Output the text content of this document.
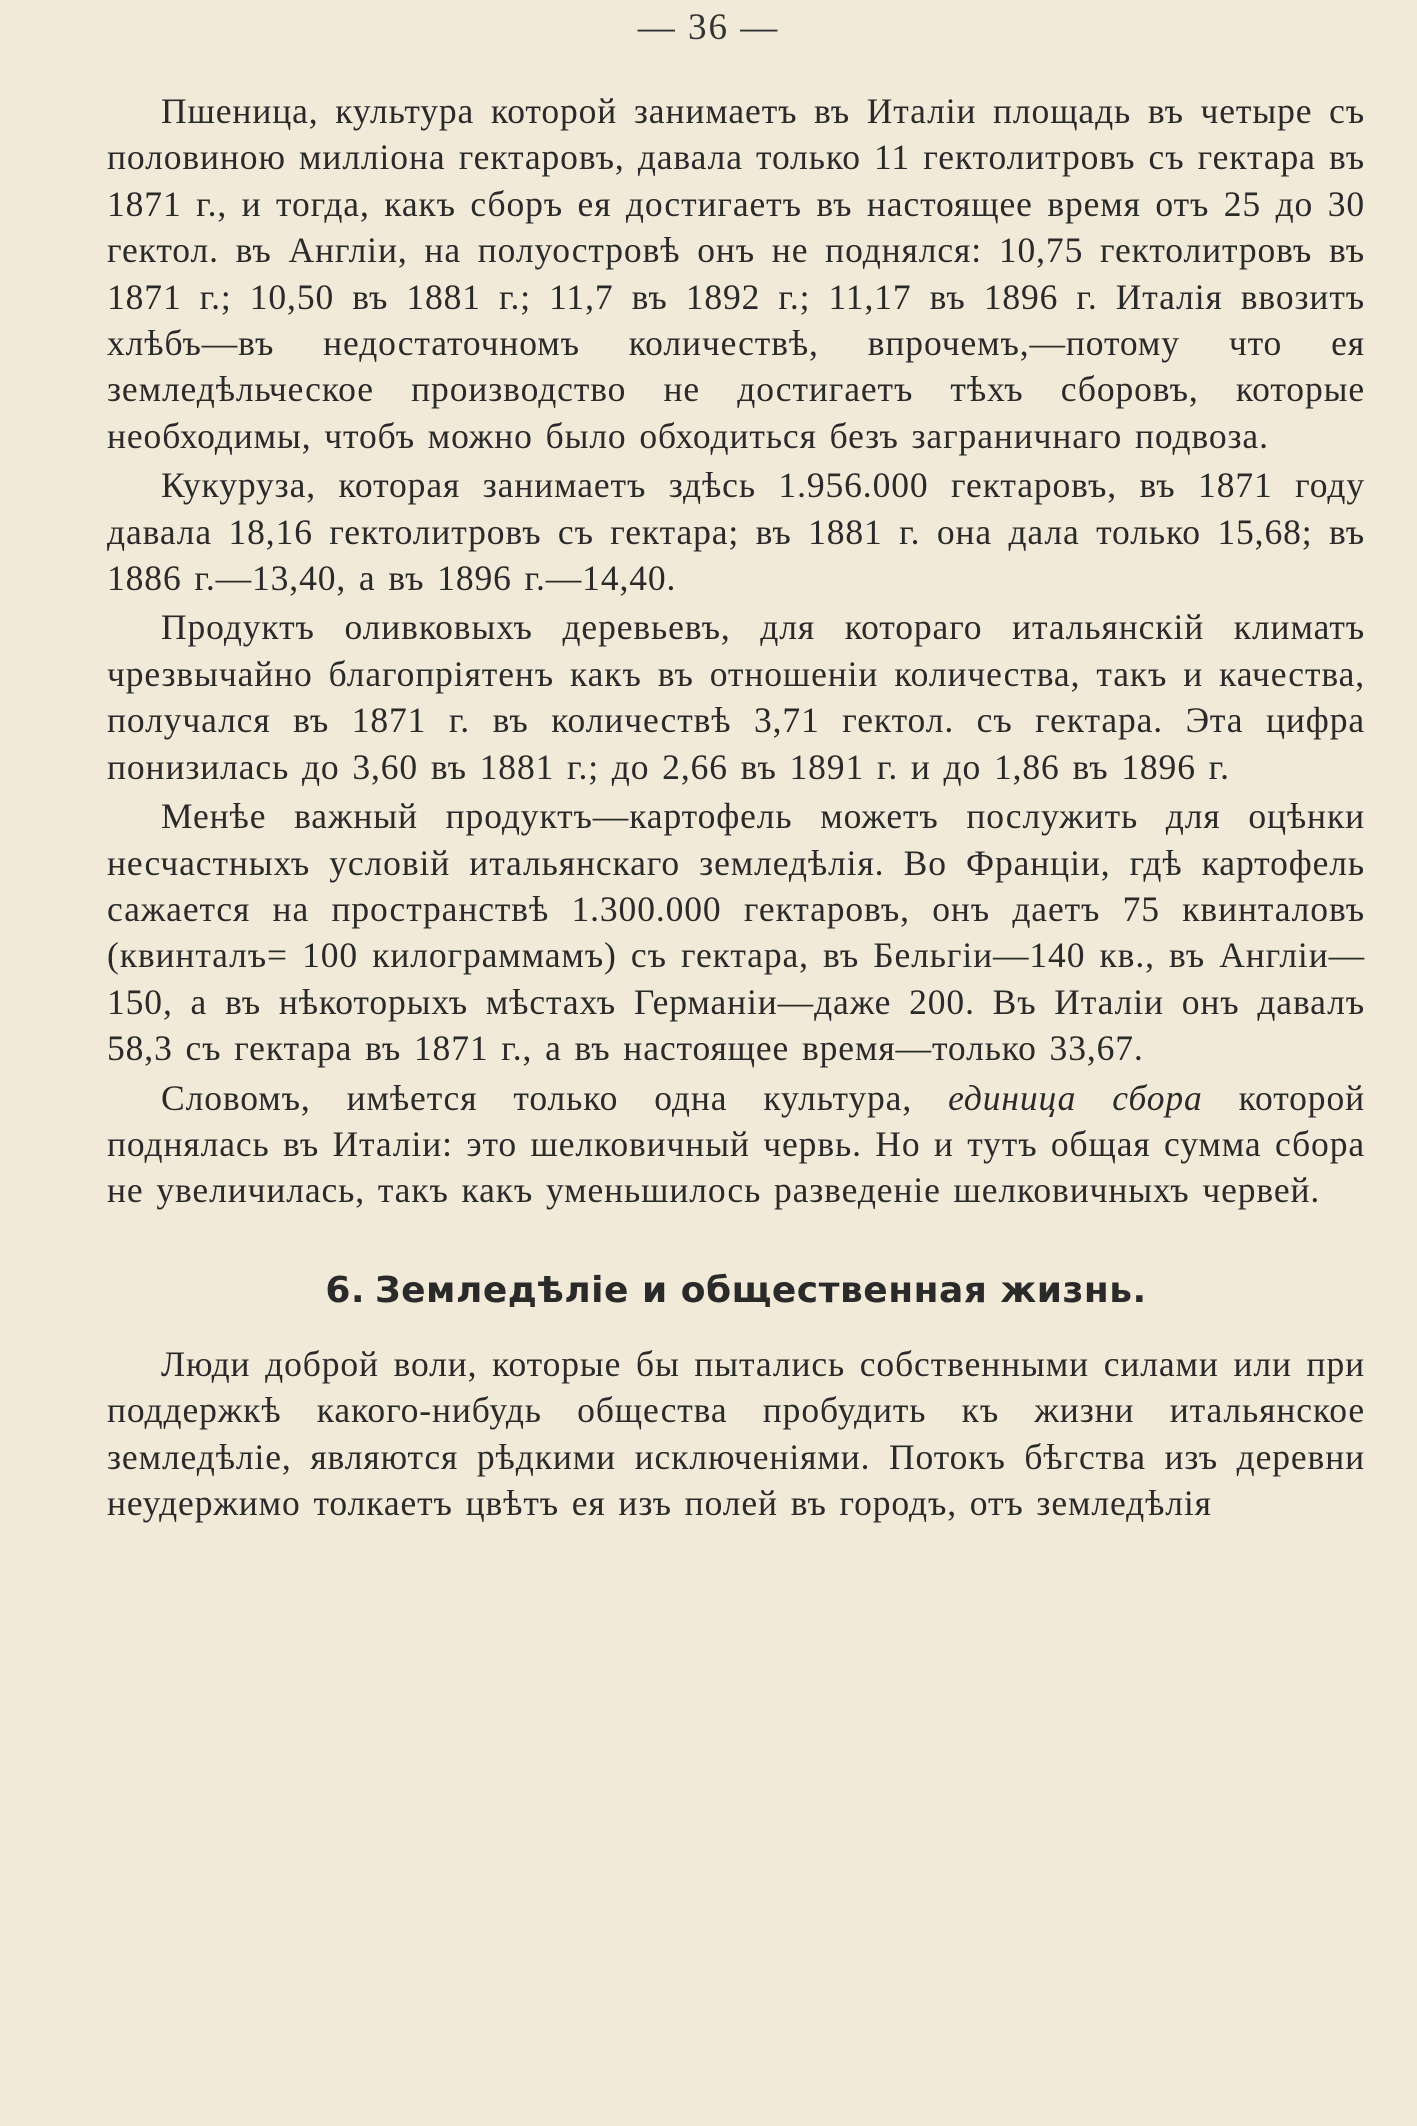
— 36 —

Пшеница, культура которой занимаетъ въ Италіи площадь въ четыре съ половиною милліона гектаровъ, давала только 11 гектолитровъ съ гектара въ 1871 г., и тогда, какъ сборъ ея достигаетъ въ настоящее время отъ 25 до 30 гектол. въ Англіи, на полуостровѣ онъ не поднялся: 10,75 гектолитровъ въ 1871 г.; 10,50 въ 1881 г.; 11,7 въ 1892 г.; 11,17 въ 1896 г. Италія ввозитъ хлѣбъ—въ недостаточномъ количествѣ, впрочемъ,—потому что ея земледѣльческое производство не достигаетъ тѣхъ сборовъ, которые необходимы, чтобъ можно было обходиться безъ заграничнаго подвоза.

Кукуруза, которая занимаетъ здѣсь 1.956.000 гектаровъ, въ 1871 году давала 18,16 гектолитровъ съ гектара; въ 1881 г. она дала только 15,68; въ 1886 г.—13,40, а въ 1896 г.—14,40.

Продуктъ оливковыхъ деревьевъ, для котораго итальянскій климатъ чрезвычайно благопріятенъ какъ въ отношеніи количества, такъ и качества, получался въ 1871 г. въ количествѣ 3,71 гектол. съ гектара. Эта цифра понизилась до 3,60 въ 1881 г.; до 2,66 въ 1891 г. и до 1,86 въ 1896 г.

Менѣе важный продуктъ—картофель можетъ послужить для оцѣнки несчастныхъ условій итальянскаго земледѣлія. Во Франціи, гдѣ картофель сажается на пространствѣ 1.300.000 гектаровъ, онъ даетъ 75 квинталовъ (квинталъ= 100 килограммамъ) съ гектара, въ Бельгіи—140 кв., въ Англіи—150, а въ нѣкоторыхъ мѣстахъ Германіи—даже 200. Въ Италіи онъ давалъ 58,3 съ гектара въ 1871 г., а въ настоящее время—только 33,67.

Словомъ, имѣется только одна культура, единица сбора которой поднялась въ Италіи: это шелковичный червь. Но и тутъ общая сумма сбора не увеличилась, такъ какъ уменьшилось разведеніе шелковичныхъ червей.

6. Земледѣліе и общественная жизнь.

Люди доброй воли, которые бы пытались собственными силами или при поддержкѣ какого-нибудь общества пробудить къ жизни итальянское земледѣліе, являются рѣдкими исключеніями. Потокъ бѣгства изъ деревни неудержимо толкаетъ цвѣтъ ея изъ полей въ городъ, отъ земледѣлія
